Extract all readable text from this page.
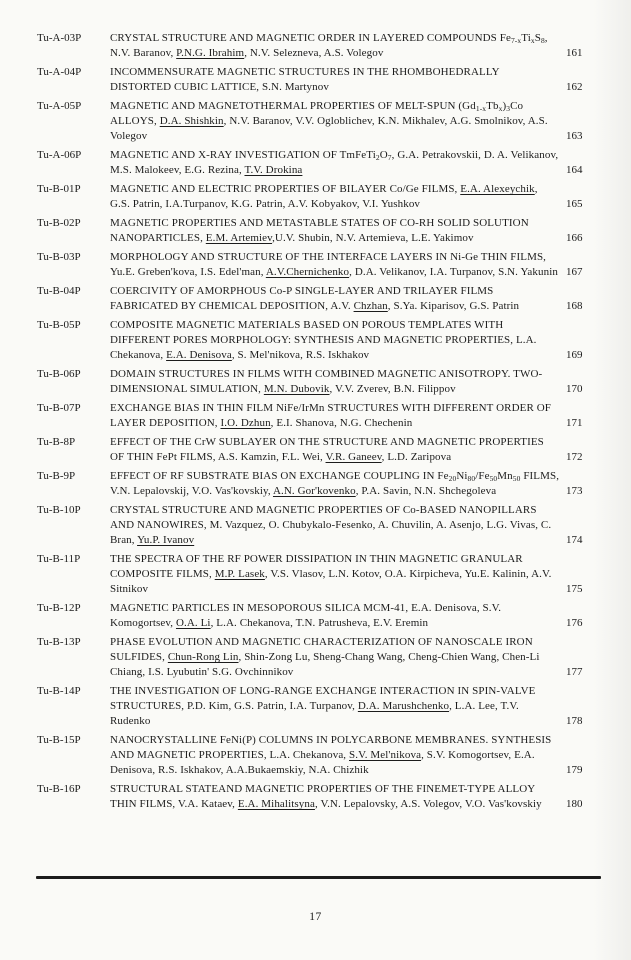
Tu-A-03P	CRYSTAL STRUCTURE AND MAGNETIC ORDER IN LAYERED COMPOUNDS $Fe_{7-x}Ti_xS_8$, N.V. Baranov, P.N.G. Ibrahim, N.V. Selezneva, A.S. Volegov	161
Tu-A-04P	INCOMMENSURATE MAGNETIC STRUCTURES IN THE RHOMBOHEDRALLY DISTORTED CUBIC LATTICE, S.N. Martynov	162
Tu-A-05P	MAGNETIC AND MAGNETOTHERMAL PROPERTIES OF MELT-SPUN $(Gd_{1-x}Tb_x)_3Co$ ALLOYS, D.A. Shishkin, N.V. Baranov, V.V. Ogloblichev, K.N. Mikhalev, A.G. Smolnikov, A.S. Volegov	163
Tu-A-06P	MAGNETIC AND X-RAY INVESTIGATION OF $TmFeTi_2O_7$, G.A. Petrakovskii, D. A. Velikanov, M.S. Malokeev, E.G. Rezina, T.V. Drokina	164
Tu-B-01P	MAGNETIC AND ELECTRIC PROPERTIES OF BILAYER Co/Ge FILMS, E.A. Alexeychik, G.S. Patrin, I.A.Turpanov, K.G. Patrin, A.V. Kobyakov, V.I. Yushkov	165
Tu-B-02P	MAGNETIC PROPERTIES AND METASTABLE STATES OF CO-RH SOLID SOLUTION NANOPARTICLES, E.M. Artemiev,U.V. Shubin, N.V. Artemieva, L.E. Yakimov	166
Tu-B-03P	MORPHOLOGY AND STRUCTURE OF THE INTERFACE LAYERS IN Ni-Ge THIN FILMS, Yu.E. Greben'kova, I.S. Edel'man, A.V.Chernichenko, D.A. Velikanov, I.A. Turpanov, S.N. Yakunin 167
Tu-B-04P	COERCIVITY OF AMORPHOUS Co-P SINGLE-LAYER AND TRILAYER FILMS FABRICATED BY CHEMICAL DEPOSITION, A.V. Chzhan, S.Ya. Kiparisov, G.S. Patrin	168
Tu-B-05P	COMPOSITE MAGNETIC MATERIALS BASED ON POROUS TEMPLATES WITH DIFFERENT PORES MORPHOLOGY: SYNTHESIS AND MAGNETIC PROPERTIES, L.A. Chekanova, E.A. Denisova, S. Mel'nikova, R.S. Iskhakov	169
Tu-B-06P	DOMAIN STRUCTURES IN FILMS WITH COMBINED MAGNETIC ANISOTROPY. TWO-DIMENSIONAL SIMULATION, M.N. Dubovik, V.V. Zverev, B.N. Filippov	170
Tu-B-07P	EXCHANGE BIAS IN THIN FILM NiFe/IrMn STRUCTURES WITH DIFFERENT ORDER OF LAYER DEPOSITION, I.O. Dzhun, E.I. Shanova, N.G. Chechenin	171
Tu-B-8P	EFFECT OF THE CrW SUBLAYER ON THE STRUCTURE AND MAGNETIC PROPERTIES OF THIN FePt FILMS, A.S. Kamzin, F.L. Wei, V.R. Ganeev, L.D. Zaripova	172
Tu-B-9P	EFFECT OF RF SUBSTRATE BIAS ON EXCHANGE COUPLING IN $Fe_{20}Ni_{80}/Fe_{50}Mn_{50}$ FILMS, V.N. Lepalovskij, V.O. Vas'kovskiy, A.N. Gor'kovenko, P.A. Savin, N.N. Shchegoleva	173
Tu-B-10P	CRYSTAL STRUCTURE AND MAGNETIC PROPERTIES OF Co-BASED NANOPILLARS AND NANOWIRES, M. Vazquez, O. Chubykalo-Fesenko, A. Chuvilin, A. Asenjo, L.G. Vivas, C. Bran, Yu.P. Ivanov	174
Tu-B-11P	THE SPECTRA OF THE RF POWER DISSIPATION IN THIN MAGNETIC GRANULAR COMPOSITE FILMS, M.P. Lasek, V.S. Vlasov, L.N. Kotov, O.A. Kirpicheva, Yu.E. Kalinin, A.V. Sitnikov	175
Tu-B-12P	MAGNETIC PARTICLES IN MESOPOROUS SILICA MCM-41, E.A. Denisova, S.V. Komogortsev, O.A. Li, L.A. Chekanova, T.N. Patrusheva, E.V. Eremin	176
Tu-B-13P	PHASE EVOLUTION AND MAGNETIC CHARACTERIZATION OF NANOSCALE IRON SULFIDES, Chun-Rong Lin, Shin-Zong Lu, Sheng-Chang Wang, Cheng-Chien Wang, Chen-Li Chiang, I.S. Lyubutin' S.G. Ovchinnikov	177
Tu-B-14P	THE INVESTIGATION OF LONG-RANGE EXCHANGE INTERACTION IN SPIN-VALVE STRUCTURES, P.D. Kim, G.S. Patrin, I.A. Turpanov, D.A. Marushchenko, L.A. Lee, T.V. Rudenko	178
Tu-B-15P	NANOCRYSTALLINE FeNi(P) COLUMNS IN POLYCARBONE MEMBRANES. SYNTHESIS AND MAGNETIC PROPERTIES, L.A. Chekanova, S.V. Mel'nikova, S.V. Komogortsev, E.A. Denisova, R.S. Iskhakov, A.A.Bukaemskiy, N.A. Chizhik	179
Tu-B-16P	STRUCTURAL STATEAND MAGNETIC PROPERTIES OF THE FINEMET-TYPE ALLOY THIN FILMS, V.A. Kataev, E.A. Mihalitsyna, V.N. Lepalovsky, A.S. Volegov, V.O. Vas'kovskiy	180
17
